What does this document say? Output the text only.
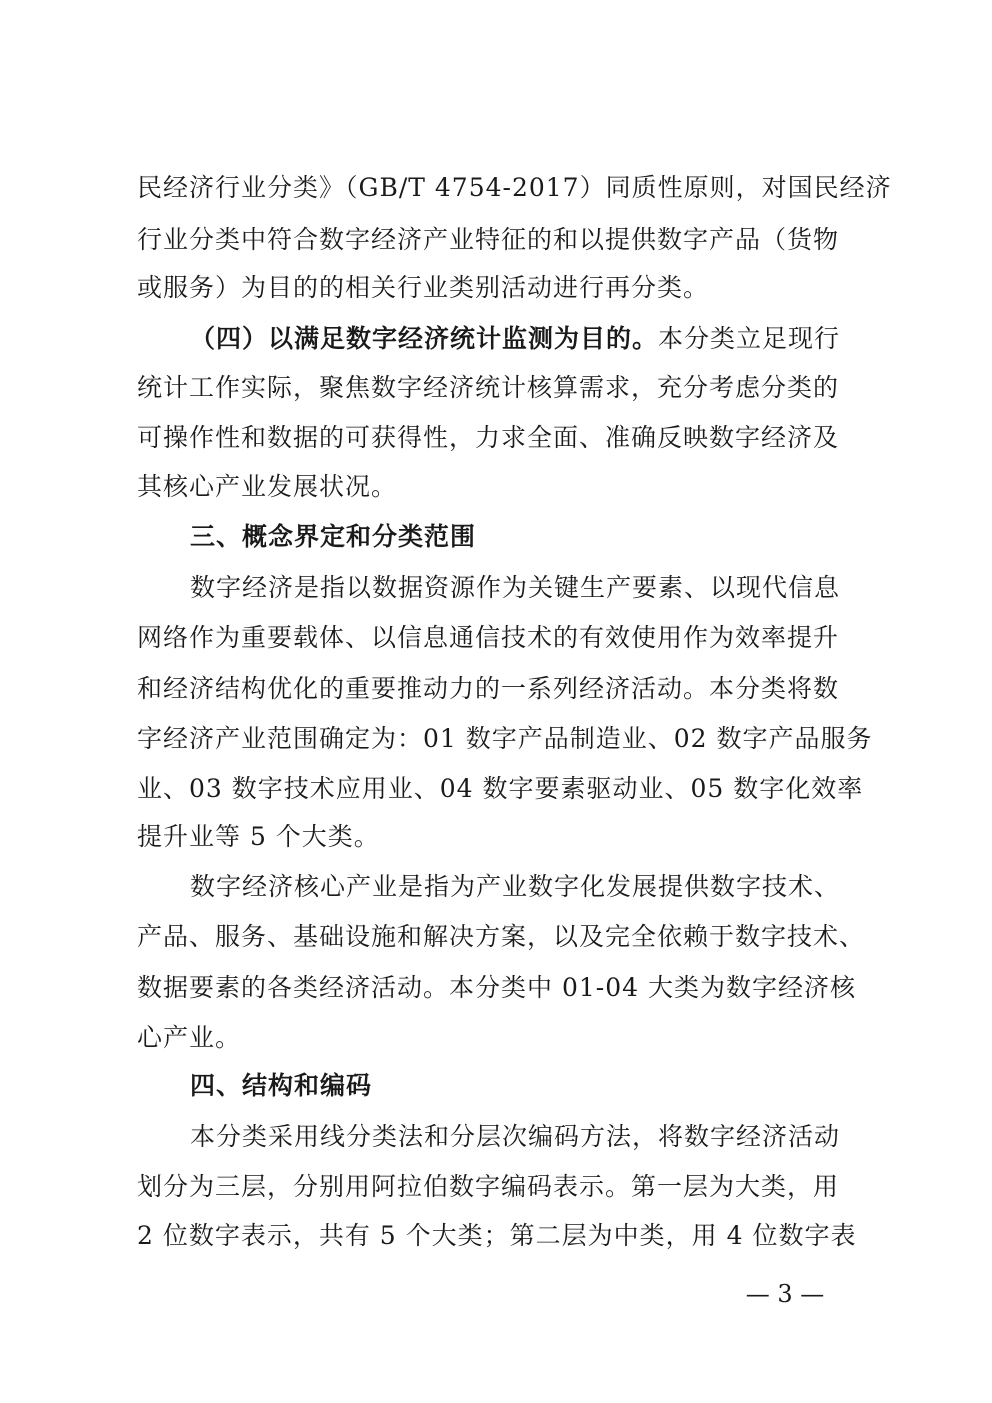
民经济行业分类》（GB/T 4754-2017）同质性原则，对国民经济
行业分类中符合数字经济产业特征的和以提供数字产品（货物
或服务）为目的的相关行业类别活动进行再分类。
（四）以满足数字经济统计监测为目的。本分类立足现行
统计工作实际，聚焦数字经济统计核算需求，充分考虑分类的
可操作性和数据的可获得性，力求全面、准确反映数字经济及
其核心产业发展状况。
三、概念界定和分类范围
数字经济是指以数据资源作为关键生产要素、以现代信息
网络作为重要载体、以信息通信技术的有效使用作为效率提升
和经济结构优化的重要推动力的一系列经济活动。本分类将数
字经济产业范围确定为：01 数字产品制造业、02 数字产品服务
业、03 数字技术应用业、04 数字要素驱动业、05 数字化效率
提升业等 5 个大类。
数字经济核心产业是指为产业数字化发展提供数字技术、
产品、服务、基础设施和解决方案，以及完全依赖于数字技术、
数据要素的各类经济活动。本分类中 01-04 大类为数字经济核
心产业。
四、结构和编码
本分类采用线分类法和分层次编码方法，将数字经济活动
划分为三层，分别用阿拉伯数字编码表示。第一层为大类，用
2 位数字表示，共有 5 个大类；第二层为中类，用 4 位数字表
— 3 —
